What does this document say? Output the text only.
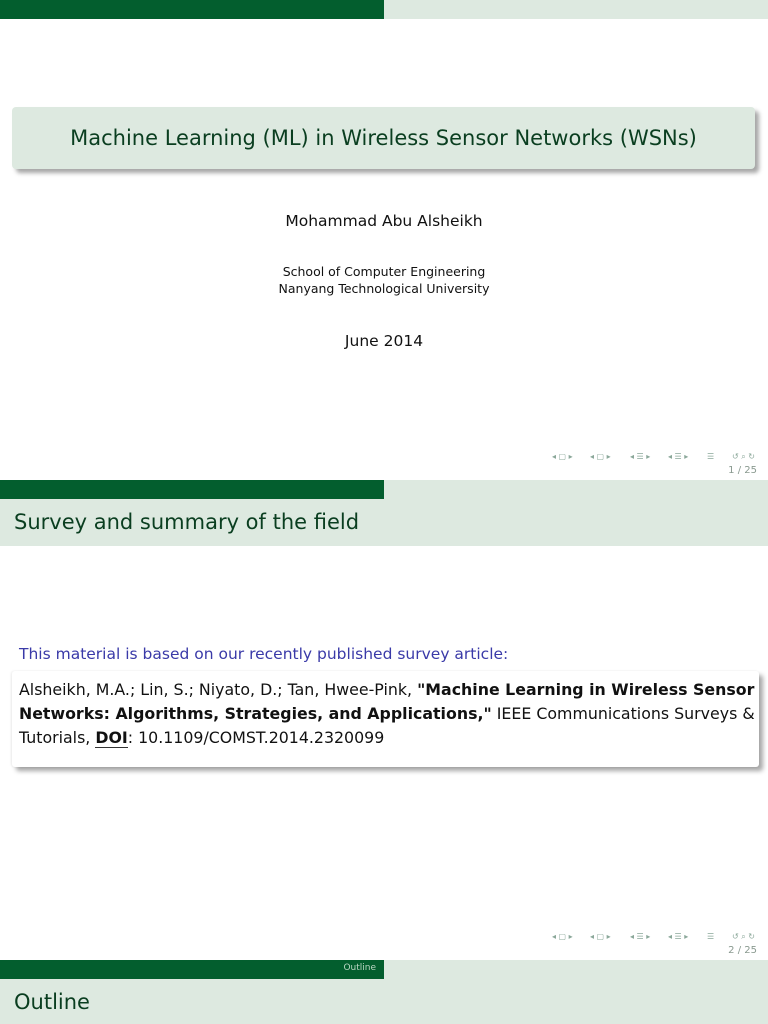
Machine Learning (ML) in Wireless Sensor Networks (WSNs)
Mohammad Abu Alsheikh
School of Computer Engineering
Nanyang Technological University
June 2014
◂ ▢ ▸ ◂ ▢ ▸ ◂ ☰ ▸ ◂ ☰ ▸ ☰ ↺ ⌕ ↻
1 / 25
Survey and summary of the field
This material is based on our recently published survey article:
Alsheikh, M.A.; Lin, S.; Niyato, D.; Tan, Hwee-Pink, "Machine Learning in Wireless Sensor Networks: Algorithms, Strategies, and Applications," IEEE Communications Surveys & Tutorials, DOI: 10.1109/COMST.2014.2320099
◂ ▢ ▸ ◂ ▢ ▸ ◂ ☰ ▸ ◂ ☰ ▸ ☰ ↺ ⌕ ↻
2 / 25
Outline
Outline
